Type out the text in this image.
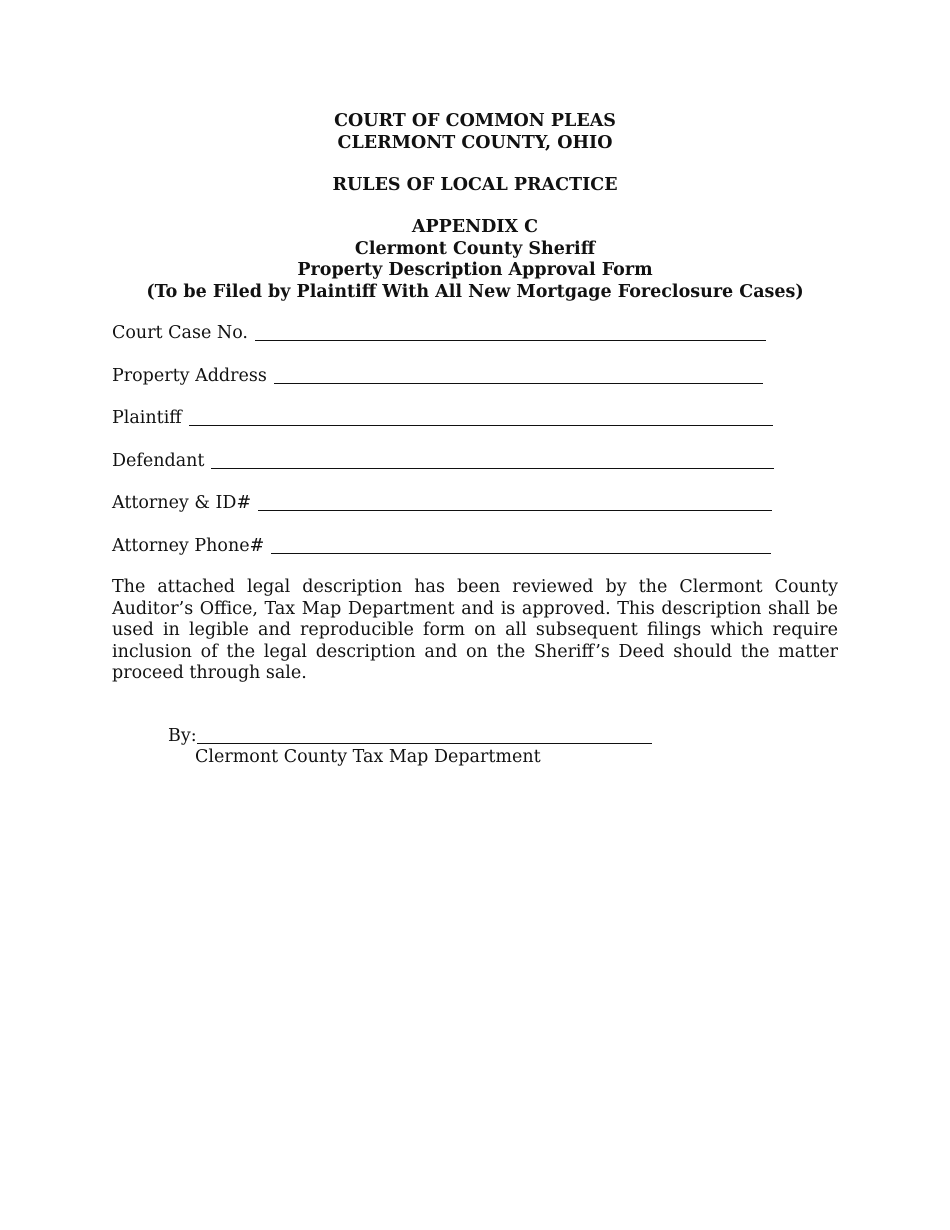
COURT OF COMMON PLEAS
CLERMONT COUNTY, OHIO
RULES OF LOCAL PRACTICE
APPENDIX C
Clermont County Sheriff
Property Description Approval Form
(To be Filed by Plaintiff With All New Mortgage Foreclosure Cases)
Court Case No.
Property Address
Plaintiff
Defendant
Attorney & ID#
Attorney Phone#
The attached legal description has been reviewed by the Clermont County Auditor’s Office, Tax Map Department and is approved. This description shall be used in legible and reproducible form on all subsequent filings which require inclusion of the legal description and on the Sheriff’s Deed should the matter proceed through sale.
By:
Clermont County Tax Map Department
